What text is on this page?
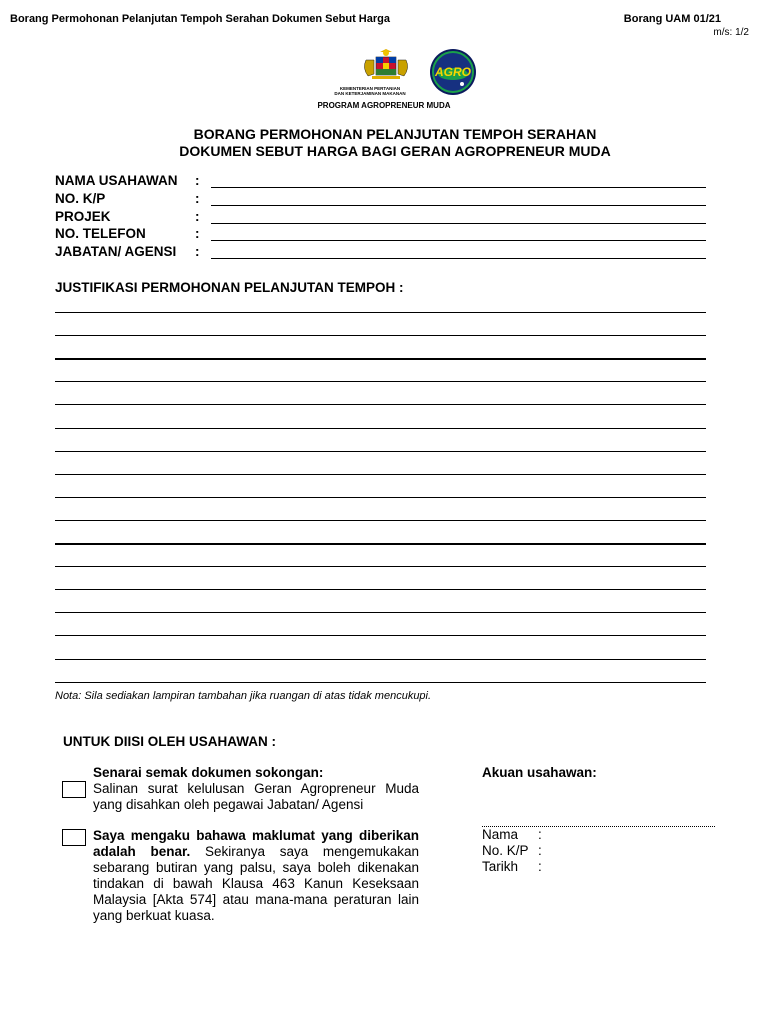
Borang Permohonan Pelanjutan Tempoh Serahan Dokumen Sebut Harga	Borang UAM 01/21
m/s: 1/2
AGRO
KEMENTERIAN PERTANIAN
DAN KETERJAMINAN MAKANAN
PROGRAM AGROPRENEUR MUDA
BORANG PERMOHONAN PELANJUTAN TEMPOH SERAHAN
DOKUMEN SEBUT HARGA BAGI GERAN AGROPRENEUR MUDA
NAMA USAHAWAN :
NO. K/P	:
PROJEK	:
NO. TELEFON	:
JABATAN/ AGENSI :
JUSTIFIKASI PERMOHONAN PELANJUTAN TEMPOH :
Nota: Sila sediakan lampiran tambahan jika ruangan di atas tidak mencukupi.
UNTUK DIISI OLEH USAHAWAN :
Senarai semak dokumen sokongan:
Salinan surat kelulusan Geran Agropreneur Muda yang disahkan oleh pegawai Jabatan/ Agensi
Saya mengaku bahawa maklumat yang diberikan adalah benar. Sekiranya saya mengemukakan sebarang butiran yang palsu, saya boleh dikenakan tindakan di bawah Klausa 463 Kanun Keseksaan Malaysia [Akta 574] atau mana-mana peraturan lain yang berkuat kuasa.
Akuan usahawan:
Nama :
No. K/P :
Tarikh :
